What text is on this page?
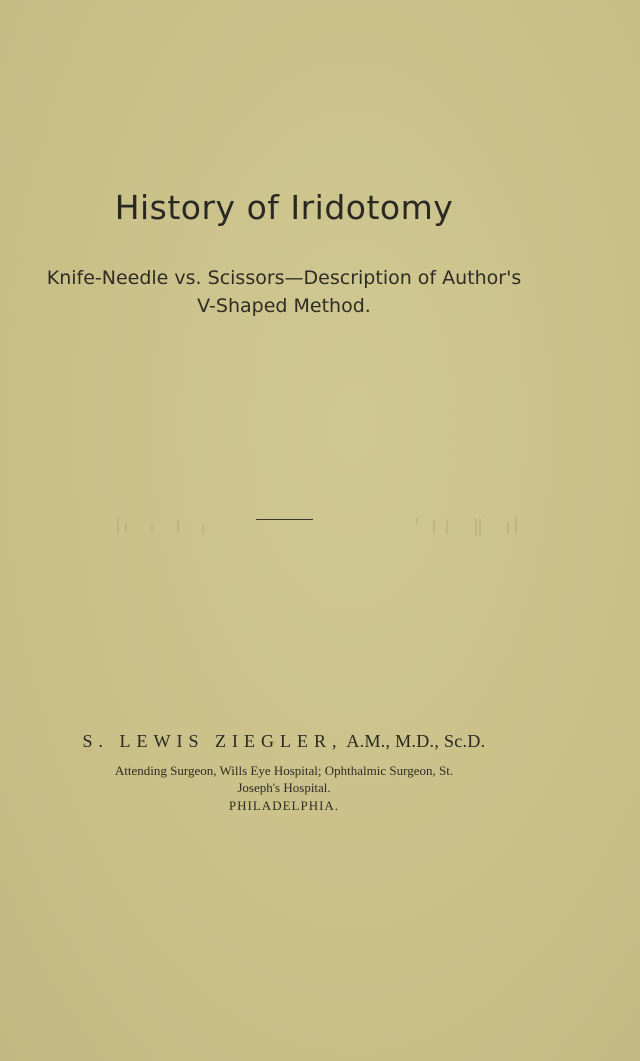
History of Iridotomy
Knife-Needle vs. Scissors—Description of Author's
V-Shaped Method.

S. LEWIS ZIEGLER, A.M., M.D., Sc.D.

Attending Surgeon, Wills Eye Hospital; Ophthalmic Surgeon, St.
Joseph's Hospital.

PHILADELPHIA.
